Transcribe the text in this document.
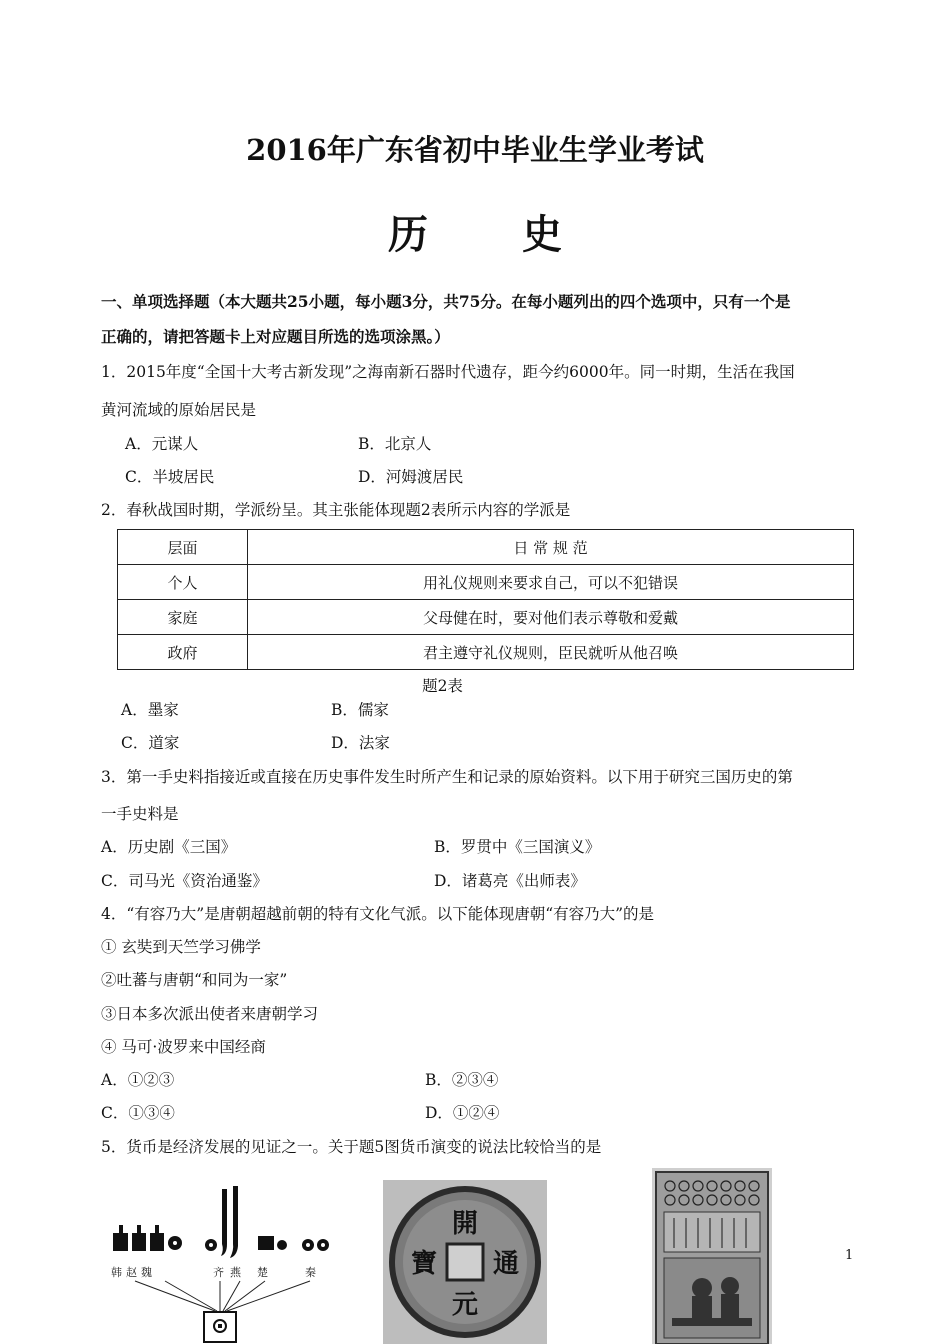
2016年广东省初中毕业生学业考试
历 史
一、单项选择题（本大题共25小题，每小题3分，共75分。在每小题列出的四个选项中，只有一个是
正确的，请把答题卡上对应题目所选的选项涂黑。）
1．2015年度“全国十大考古新发现”之海南新石器时代遗存，距今约6000年。同一时期，生活在我国
黄河流域的原始居民是
A．元谋人	B．北京人
C．半坡居民	D．河姆渡居民
2．春秋战国时期，学派纷呈。其主张能体现题2表所示内容的学派是
层面	日 常 规 范
个人	用礼仪规则来要求自己，可以不犯错误
家庭	父母健在时，要对他们表示尊敬和爱戴
政府	君主遵守礼仪规则，臣民就听从他召唤
题2表
A．墨家	B．儒家
C．道家	D．法家
3．第一手史料指接近或直接在历史事件发生时所产生和记录的原始资料。以下用于研究三国历史的第
一手史料是
A．历史剧《三国》	B．罗贯中《三国演义》
C．司马光《资治通鉴》	D．诸葛亮《出师表》
4．“有容乃大”是唐朝超越前朝的特有文化气派。以下能体现唐朝“有容乃大”的是
① 玄奘到天竺学习佛学
②吐蕃与唐朝“和同为一家”
③日本多次派出使者来唐朝学习
④ 马可·波罗来中国经商
A．①②③	B．②③④
C．①③④	D．①②④
5．货币是经济发展的见证之一。关于题5图货币演变的说法比较恰当的是
韩 赵 魏	齐 燕 楚	秦
開
通
元
寶	1
